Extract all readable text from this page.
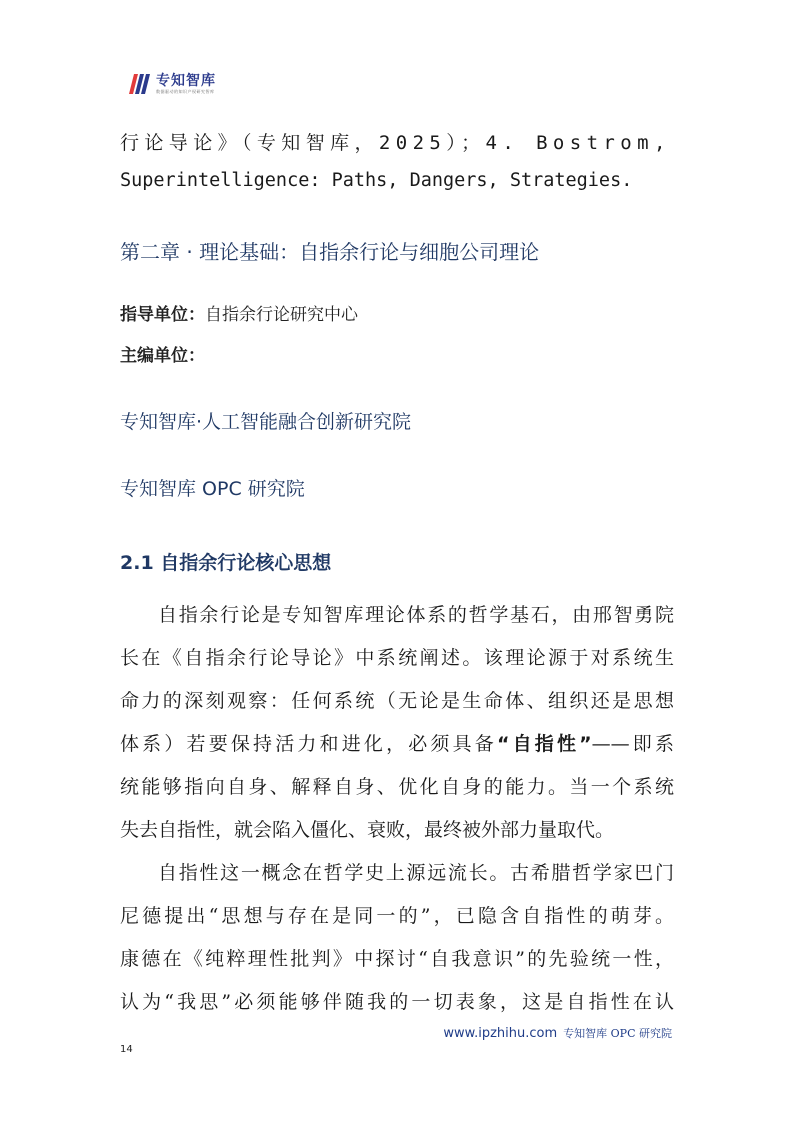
专知智库
数据驱动的知识产权研究智库
行论导论》（专知智库，2025）；4. Bostrom,
Superintelligence: Paths, Dangers, Strategies.
第二章 · 理论基础：自指余行论与细胞公司理论
指导单位：自指余行论研究中心
主编单位：
专知智库·人工智能融合创新研究院
专知智库 OPC 研究院
2.1 自指余行论核心思想
自指余行论是专知智库理论体系的哲学基石，由邢智勇院
长在《自指余行论导论》中系统阐述。该理论源于对系统生
命力的深刻观察：任何系统（无论是生命体、组织还是思想
体系）若要保持活力和进化，必须具备“自指性”——即系
统能够指向自身、解释自身、优化自身的能力。当一个系统
失去自指性，就会陷入僵化、衰败，最终被外部力量取代。
自指性这一概念在哲学史上源远流长。古希腊哲学家巴门
尼德提出“思想与存在是同一的”，已隐含自指性的萌芽。
康德在《纯粹理性批判》中探讨“自我意识”的先验统一性，
认为“我思”必须能够伴随我的一切表象，这是自指性在认
14
www.ipzhihu.com 专知智库 OPC 研究院
